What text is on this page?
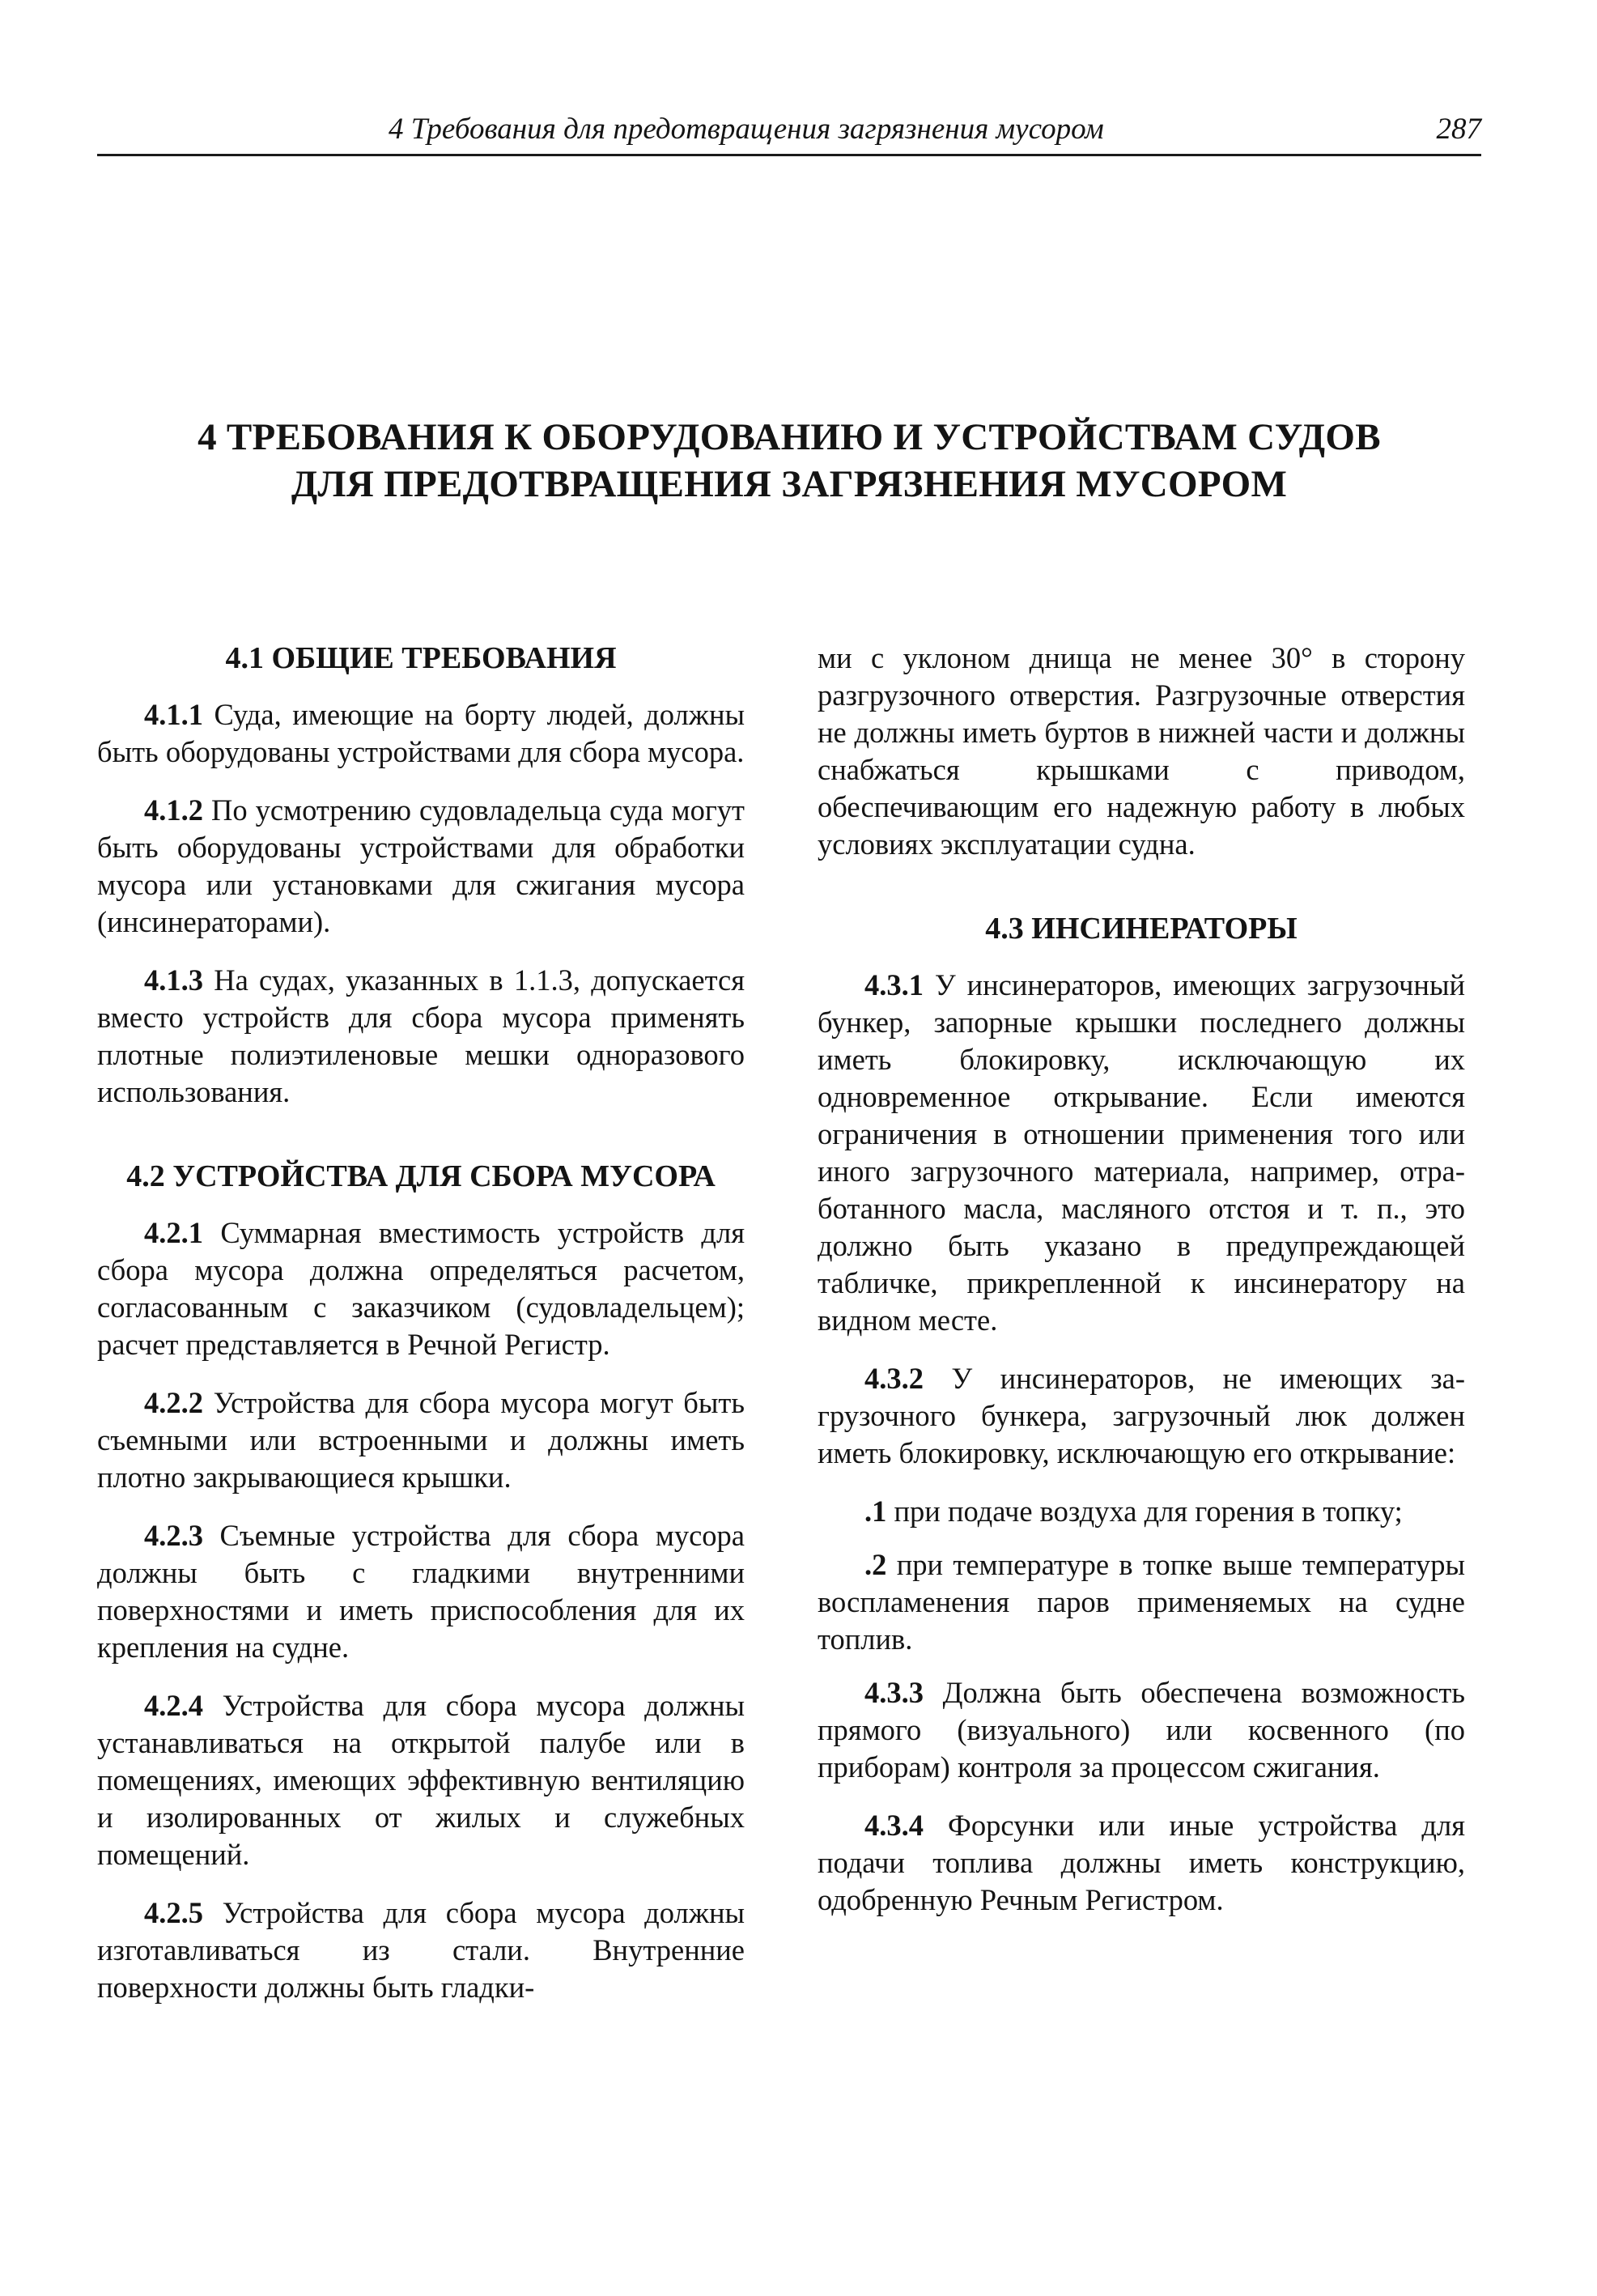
4 Требования для предотвращения загрязнения мусором	287
4 ТРЕБОВАНИЯ К ОБОРУДОВАНИЮ И УСТРОЙСТВАМ СУДОВ
ДЛЯ ПРЕДОТВРАЩЕНИЯ ЗАГРЯЗНЕНИЯ МУСОРОМ
4.1 ОБЩИЕ ТРЕБОВАНИЯ

4.1.1 Суда, имеющие на борту людей, должны быть оборудованы устройствами для сбора мусора.

4.1.2 По усмотрению судовладельца суда могут быть оборудованы устройствами для обработки мусора или установками для сжигания мусора (инсинераторами).

4.1.3 На судах, указанных в 1.1.3, допускается вместо устройств для сбора мусора применять плотные полиэтиленовые мешки одноразового использования.

4.2 УСТРОЙСТВА ДЛЯ СБОРА МУСОРА

4.2.1 Суммарная вместимость устройств для сбора мусора должна определяться расчетом, согласованным с заказчиком (судовладельцем); расчет представляется в Речной Регистр.

4.2.2 Устройства для сбора мусора могут быть съемными или встроенными и должны иметь плотно закрывающиеся крышки.

4.2.3 Съемные устройства для сбора мусора должны быть с гладкими внутренними поверхностями и иметь приспособления для их крепления на судне.

4.2.4 Устройства для сбора мусора должны устанавливаться на открытой палубе или в помещениях, имеющих эффективную вентиляцию и изолированных от жилых и служебных помещений.

4.2.5 Устройства для сбора мусора должны изготавливаться из стали. Внутренние поверхности должны быть гладки-

ми с уклоном днища не менее 30° в сторону разгрузочного отверстия. Разгрузочные отверстия не должны иметь буртов в нижней части и должны снабжаться крышками с приводом, обеспечивающим его надежную работу в любых условиях эксплуатации судна.

4.3 ИНСИНЕРАТОРЫ

4.3.1 У инсинераторов, имеющих загрузочный бункер, запорные крышки последнего должны иметь блокировку, исключающую их одновременное открывание. Если имеются ограничения в отношении применения того или иного загрузочного материала, например, отработанного масла, масляного отстоя и т. п., это должно быть указано в предупреждающей табличке, прикрепленной к инсинератору на видном месте.

4.3.2 У инсинераторов, не имеющих загрузочного бункера, загрузочный люк должен иметь блокировку, исключающую его открывание:

.1 при подаче воздуха для горения в топку;

.2 при температуре в топке выше температуры воспламенения паров применяемых на судне топлив.

4.3.3 Должна быть обеспечена возможность прямого (визуального) или косвенного (по приборам) контроля за процессом сжигания.

4.3.4 Форсунки или иные устройства для подачи топлива должны иметь конструкцию, одобренную Речным Регистром.
